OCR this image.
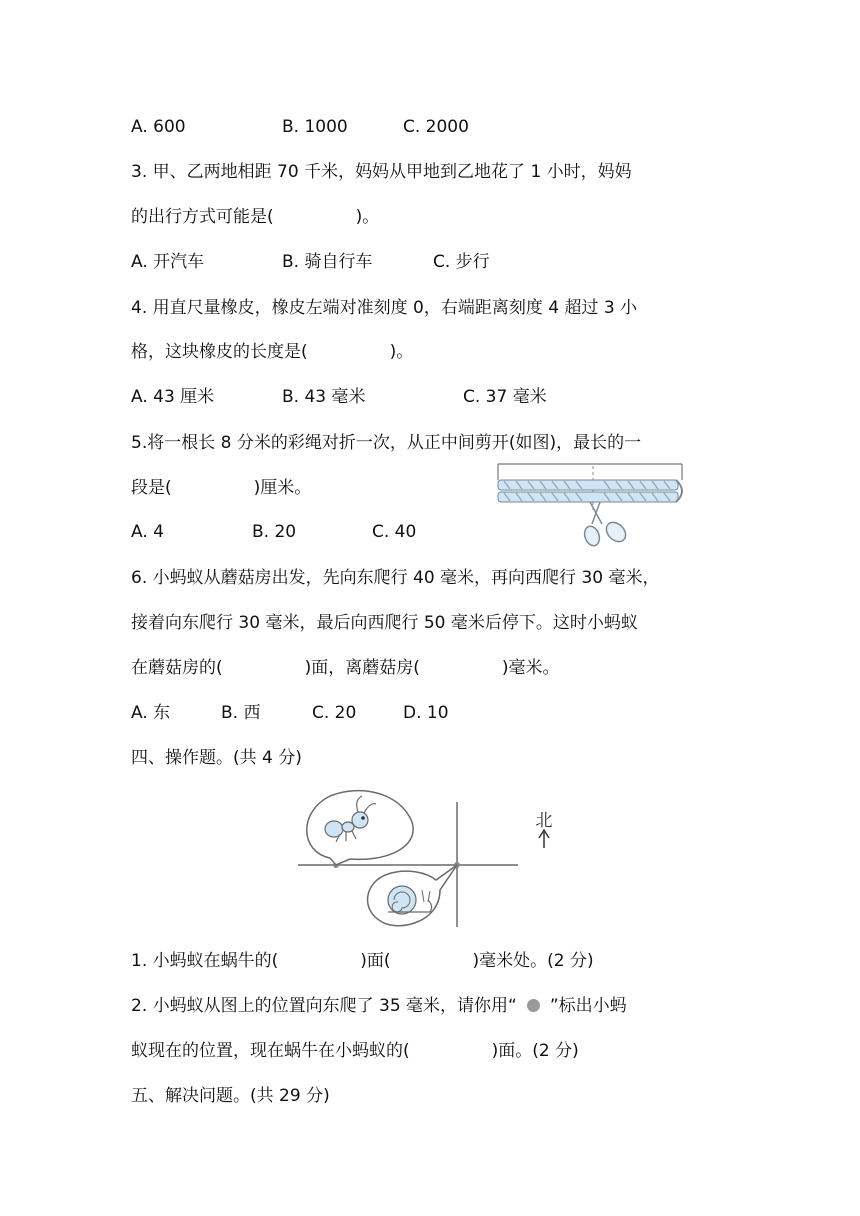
A. 600	B. 1000	C. 2000
3. 甲、乙两地相距 70 千米，妈妈从甲地到乙地花了 1 小时，妈妈
的出行方式可能是(	)。
A. 开汽车	B. 骑自行车	C. 步行
4. 用直尺量橡皮，橡皮左端对准刻度 0，右端距离刻度 4 超过 3 小
格，这块橡皮的长度是(	)。
A. 43 厘米	B. 43 毫米	C. 37 毫米
5.将一根长 8 分米的彩绳对折一次，从正中间剪开(如图)，最长的一
段是(	)厘米。
A. 4	B. 20	C. 40
6. 小蚂蚁从蘑菇房出发，先向东爬行 40 毫米，再向西爬行 30 毫米，
接着向东爬行 30 毫米，最后向西爬行 50 毫米后停下。这时小蚂蚁
在蘑菇房的(	)面，离蘑菇房(	)毫米。
A. 东	B. 西	C. 20	D. 10
四、操作题。(共 4 分)
北
1. 小蚂蚁在蜗牛的(	)面(	)毫米处。(2 分)
2. 小蚂蚁从图上的位置向东爬了 35 毫米，请你用“ ”标出小蚂
蚁现在的位置，现在蜗牛在小蚂蚁的(	)面。(2 分)
五、解决问题。(共 29 分)
